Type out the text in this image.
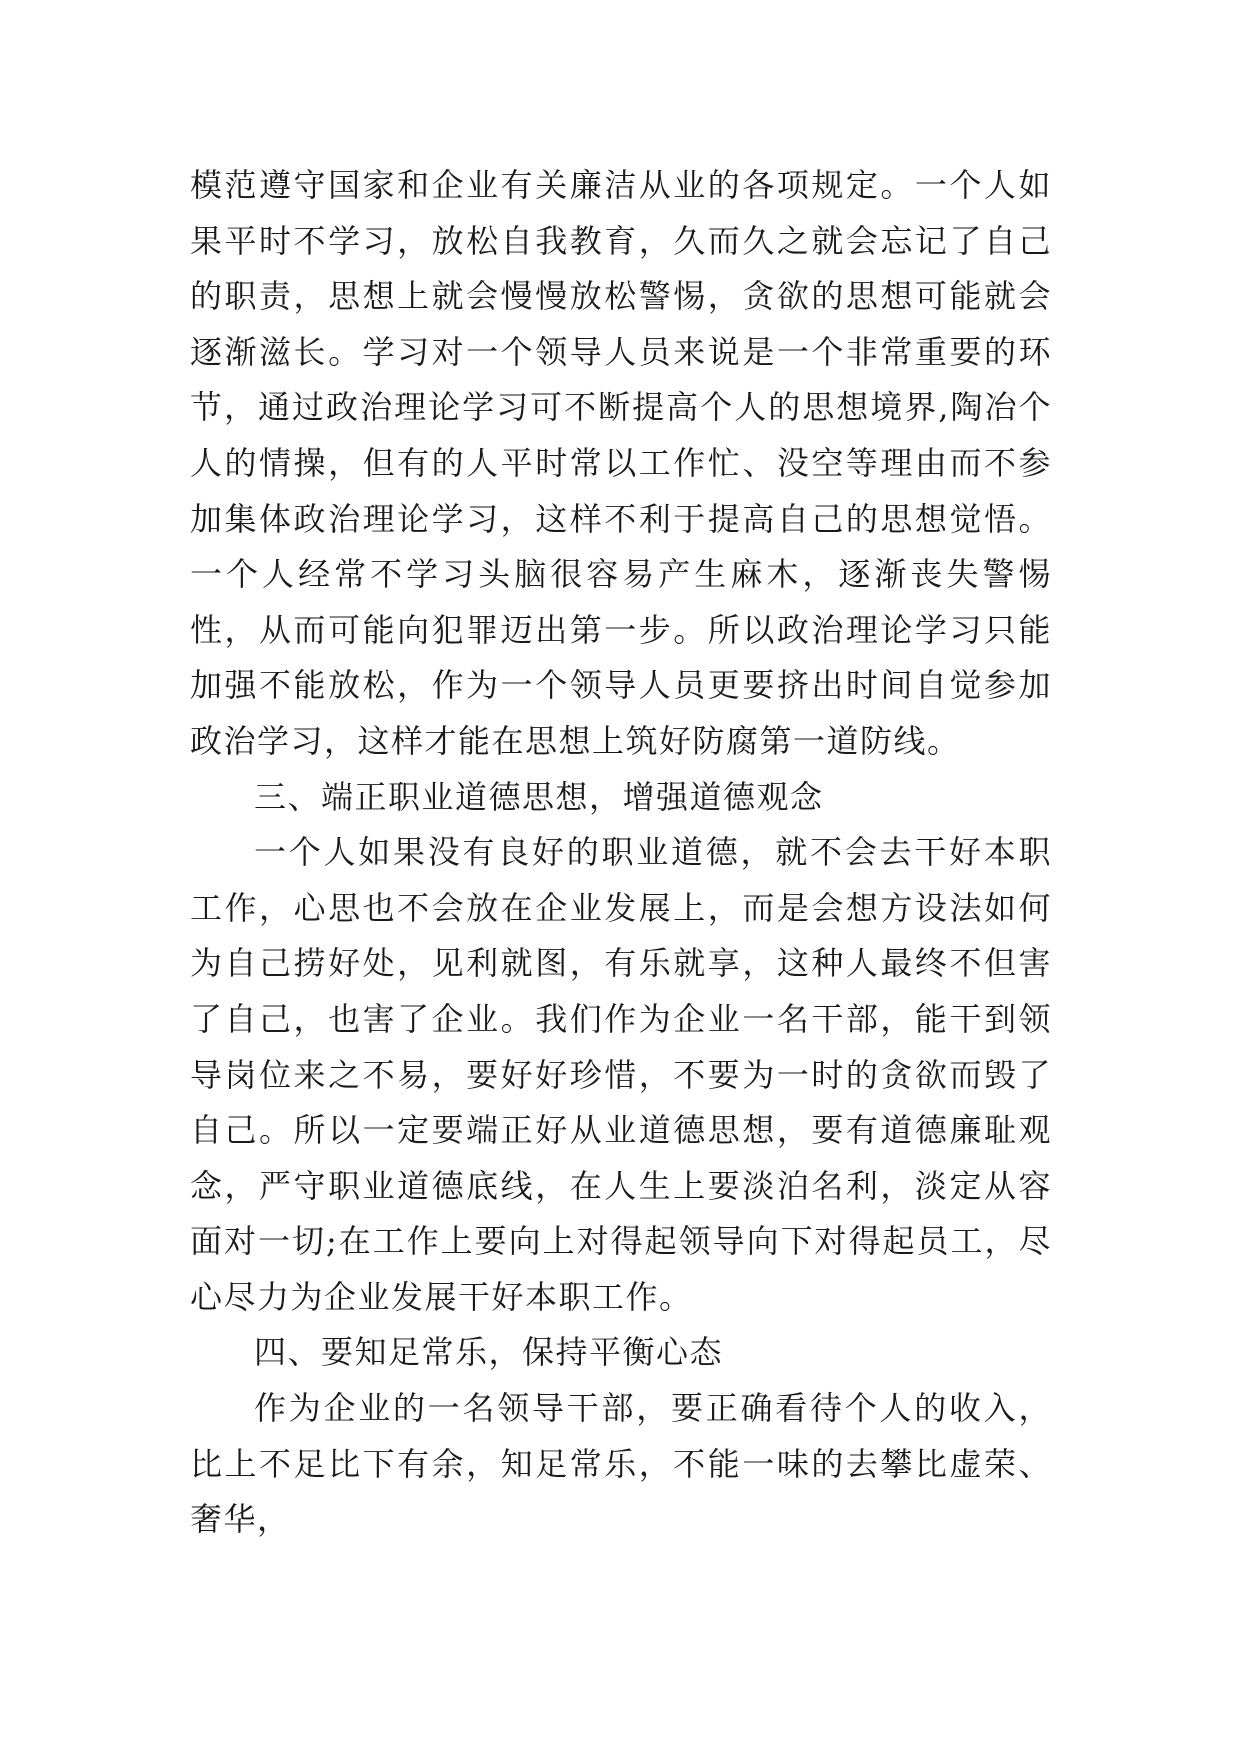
模范遵守国家和企业有关廉洁从业的各项规定。一个人如果平时不学习，放松自我教育，久而久之就会忘记了自己的职责，思想上就会慢慢放松警惕，贪欲的思想可能就会逐渐滋长。学习对一个领导人员来说是一个非常重要的环节，通过政治理论学习可不断提高个人的思想境界,陶冶个人的情操，但有的人平时常以工作忙、没空等理由而不参加集体政治理论学习，这样不利于提高自己的思想觉悟。一个人经常不学习头脑很容易产生麻木，逐渐丧失警惕性，从而可能向犯罪迈出第一步。所以政治理论学习只能加强不能放松，作为一个领导人员更要挤出时间自觉参加政治学习，这样才能在思想上筑好防腐第一道防线。

三、端正职业道德思想，增强道德观念

一个人如果没有良好的职业道德，就不会去干好本职工作，心思也不会放在企业发展上，而是会想方设法如何为自己捞好处，见利就图，有乐就享，这种人最终不但害了自己，也害了企业。我们作为企业一名干部，能干到领导岗位来之不易，要好好珍惜，不要为一时的贪欲而毁了自己。所以一定要端正好从业道德思想，要有道德廉耻观念，严守职业道德底线，在人生上要淡泊名利，淡定从容面对一切;在工作上要向上对得起领导向下对得起员工，尽心尽力为企业发展干好本职工作。

四、要知足常乐，保持平衡心态

作为企业的一名领导干部，要正确看待个人的收入，比上不足比下有余，知足常乐，不能一味的去攀比虚荣、奢华，
